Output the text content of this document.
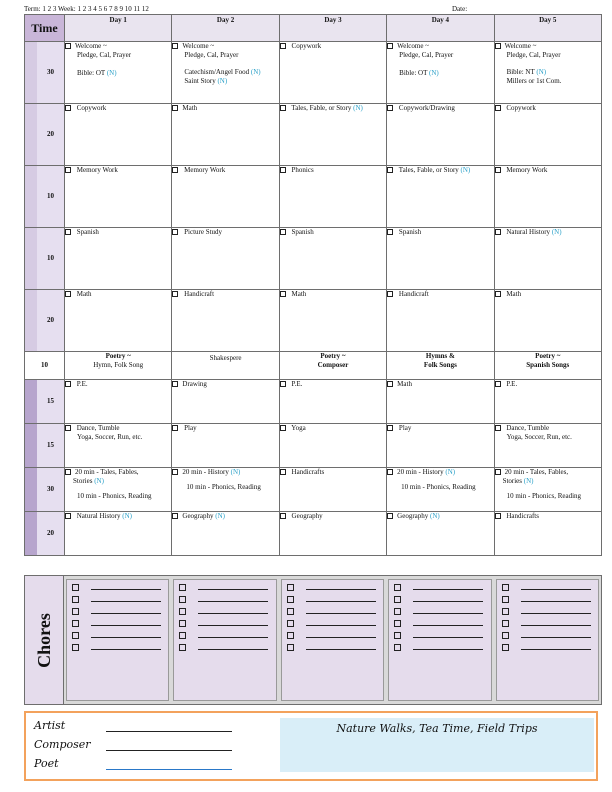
Term: 1 2 3 Week: 1 2 3 4 5 6 7 8 9 10 11 12	Date:
Time	Day 1	Day 2	Day 3	Day 4	Day 5

30	Welcome ~

Pledge, Cal, Prayer

Bible: OT (N)	Welcome ~

Pledge, Cal, Prayer
Catechism/Angel Food (N)
Saint Story (N)	Copywork	Welcome ~

Pledge, Cal, Prayer

Bible: OT (N)	Welcome ~

Pledge, Cal, Prayer
Bible: NT (N)
Millers or 1st Com.

20	Copywork	Math	Tales, Fable, or Story (N)	Copywork/Drawing	Copywork

10	Memory Work	Memory Work	Phonics	Tales, Fable, or Story (N)	Memory Work

10	Spanish	Picture Study	Spanish	Spanish	Natural History (N)

20	Math	Handicraft	Math	Handicraft	Math
10	Poetry ~
Hymn, Folk Song	Shakespere	Poetry ~
Composer	Hymns &
Folk Songs	Poetry ~
Spanish Songs

15	P.E.	Drawing	P.E.	Math	P.E.

15	Dance, Tumble

Yoga, Soccer, Run, etc.	Play	Yoga	Play	Dance, Tumble

Yoga, Soccer, Run, etc.

30	20 min - Tales, Fables,
Stories (N)
10 min - Phonics, Reading	20 min - History (N)
10 min - Phonics, Reading	Handicrafts	20 min - History (N)
10 min - Phonics, Reading	20 min - Tales, Fables,
Stories (N)
10 min - Phonics, Reading

20	Natural History (N)	Geography (N)	Geography	Geography (N)	Handicrafts
Chores
Artist
Composer
Poet
Nature Walks, Tea Time, Field Trips
